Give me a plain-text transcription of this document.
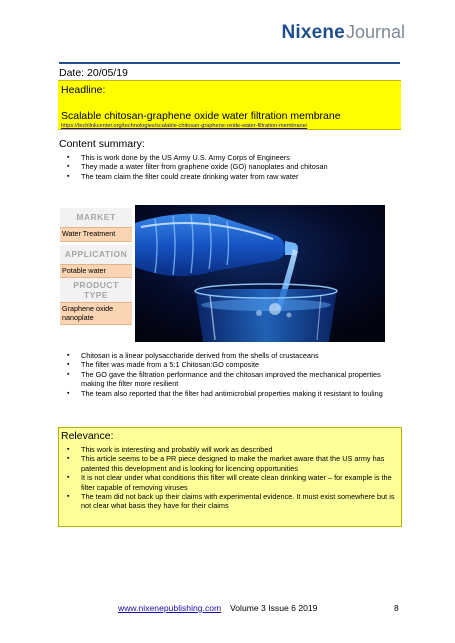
NixeneJournal
Date: 20/05/19
Headline:
Scalable chitosan-graphene oxide water filtration membrane
https://techlinkcenter.org/technologies/scalable-chitosan-graphene-oxide-water-filtration-membrane/
Content summary:
▪ This is work done by the US Army U.S. Army Corps of Engineers
▪ They made a water filter from graphene oxide (GO) nanoplates and chitosan
▪ The team claim the filter could create drinking water from raw water
MARKET
Water Treatment
APPLICATION
Potable water
PRODUCT
TYPE
Graphene oxide
nanoplate
▪ Chitosan is a linear polysaccharide derived from the shells of crustaceans
▪ The filter was made from a 5:1 Chitosan:GO composite
▪ The GO gave the filtration performance and the chitosan improved the mechanical properties making the filter more resilient
▪ The team also reported that the filter had antimicrobial properties making it resistant to fouling
Relevance:
▪ This work is interesting and probably will work as described
▪ This article seems to be a PR piece designed to make the market aware that the US army has patented this development and is looking for licencing opportunities
▪ It is not clear under what conditions this filter will create clean drinking water – for example is the filter capable of removing viruses
▪ The team did not back up their claims with experimental evidence. It must exist somewhere but is not clear what basis they have for their claims
www.nixenepublishing.com Volume 3 Issue 6 2019	8
